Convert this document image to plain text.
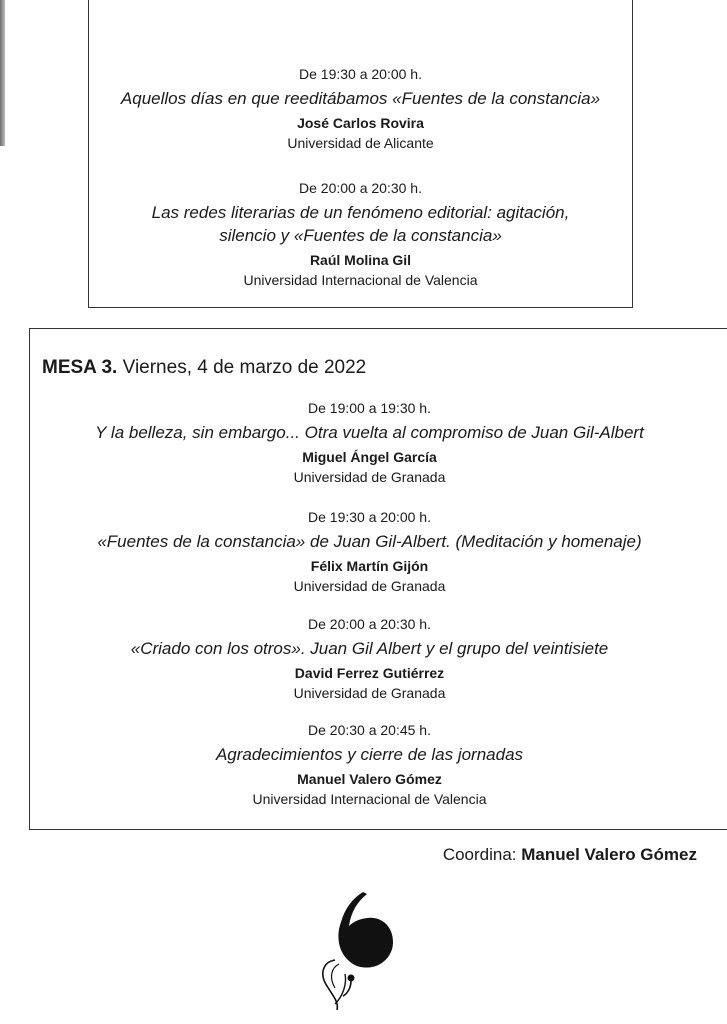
De 19:30 a 20:00 h.
Aquellos días en que reeditábamos «Fuentes de la constancia»
José Carlos Rovira
Universidad de Alicante
De 20:00 a 20:30 h.
Las redes literarias de un fenómeno editorial: agitación,
silencio y «Fuentes de la constancia»
Raúl Molina Gil
Universidad Internacional de Valencia
MESA 3. Viernes, 4 de marzo de 2022
De 19:00 a 19:30 h.
Y la belleza, sin embargo... Otra vuelta al compromiso de Juan Gil-Albert
Miguel Ángel García
Universidad de Granada
De 19:30 a 20:00 h.
«Fuentes de la constancia» de Juan Gil-Albert. (Meditación y homenaje)
Félix Martín Gijón
Universidad de Granada
De 20:00 a 20:30 h.
«Criado con los otros». Juan Gil Albert y el grupo del veintisiete
David Ferrez Gutiérrez
Universidad de Granada
De 20:30 a 20:45 h.
Agradecimientos y cierre de las jornadas
Manuel Valero Gómez
Universidad Internacional de Valencia
Coordina: Manuel Valero Gómez
